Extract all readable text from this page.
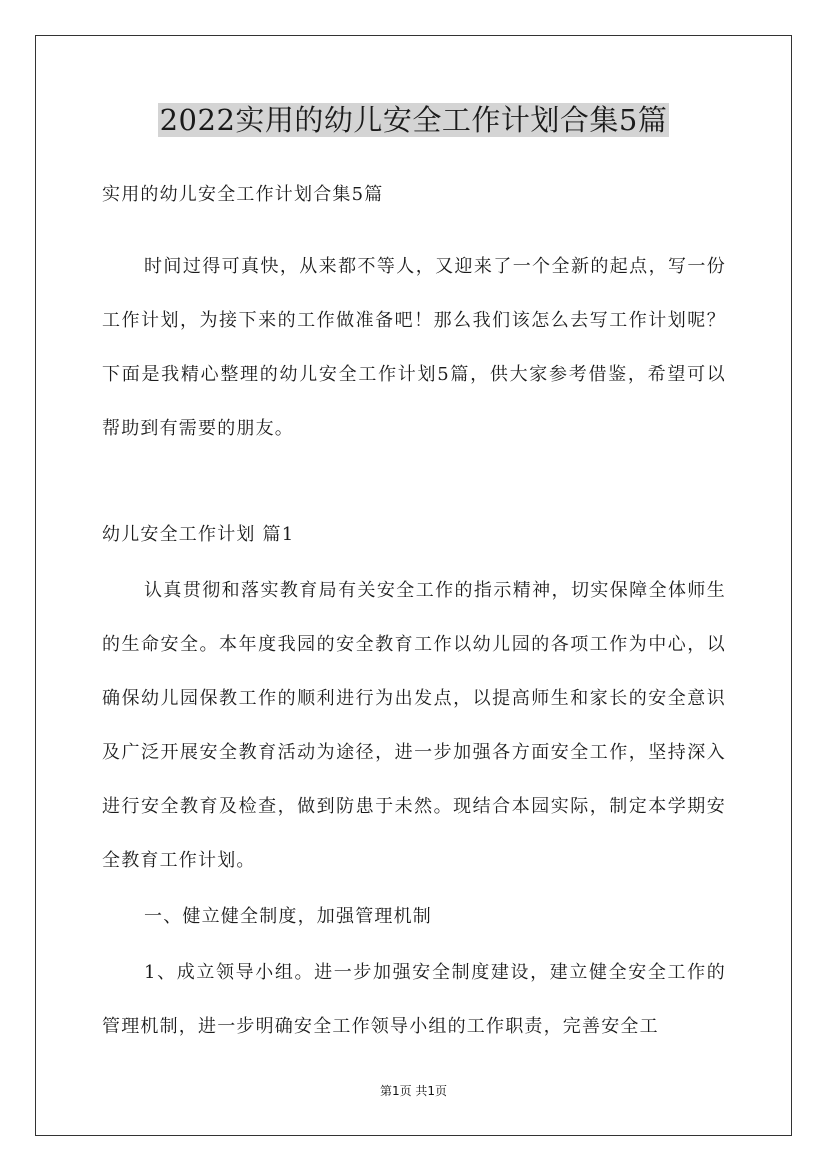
2022实用的幼儿安全工作计划合集5篇
实用的幼儿安全工作计划合集5篇
时间过得可真快，从来都不等人，又迎来了一个全新的起点，写一份工作计划，为接下来的工作做准备吧！那么我们该怎么去写工作计划呢？下面是我精心整理的幼儿安全工作计划5篇，供大家参考借鉴，希望可以帮助到有需要的朋友。
幼儿安全工作计划 篇1
认真贯彻和落实教育局有关安全工作的指示精神，切实保障全体师生的生命安全。本年度我园的安全教育工作以幼儿园的各项工作为中心，以确保幼儿园保教工作的顺利进行为出发点，以提高师生和家长的安全意识及广泛开展安全教育活动为途径，进一步加强各方面安全工作，坚持深入进行安全教育及检查，做到防患于未然。现结合本园实际，制定本学期安全教育工作计划。
一、健立健全制度，加强管理机制
1、成立领导小组。进一步加强安全制度建设，建立健全安全工作的管理机制，进一步明确安全工作领导小组的工作职责，完善安全工
第1页 共1页
